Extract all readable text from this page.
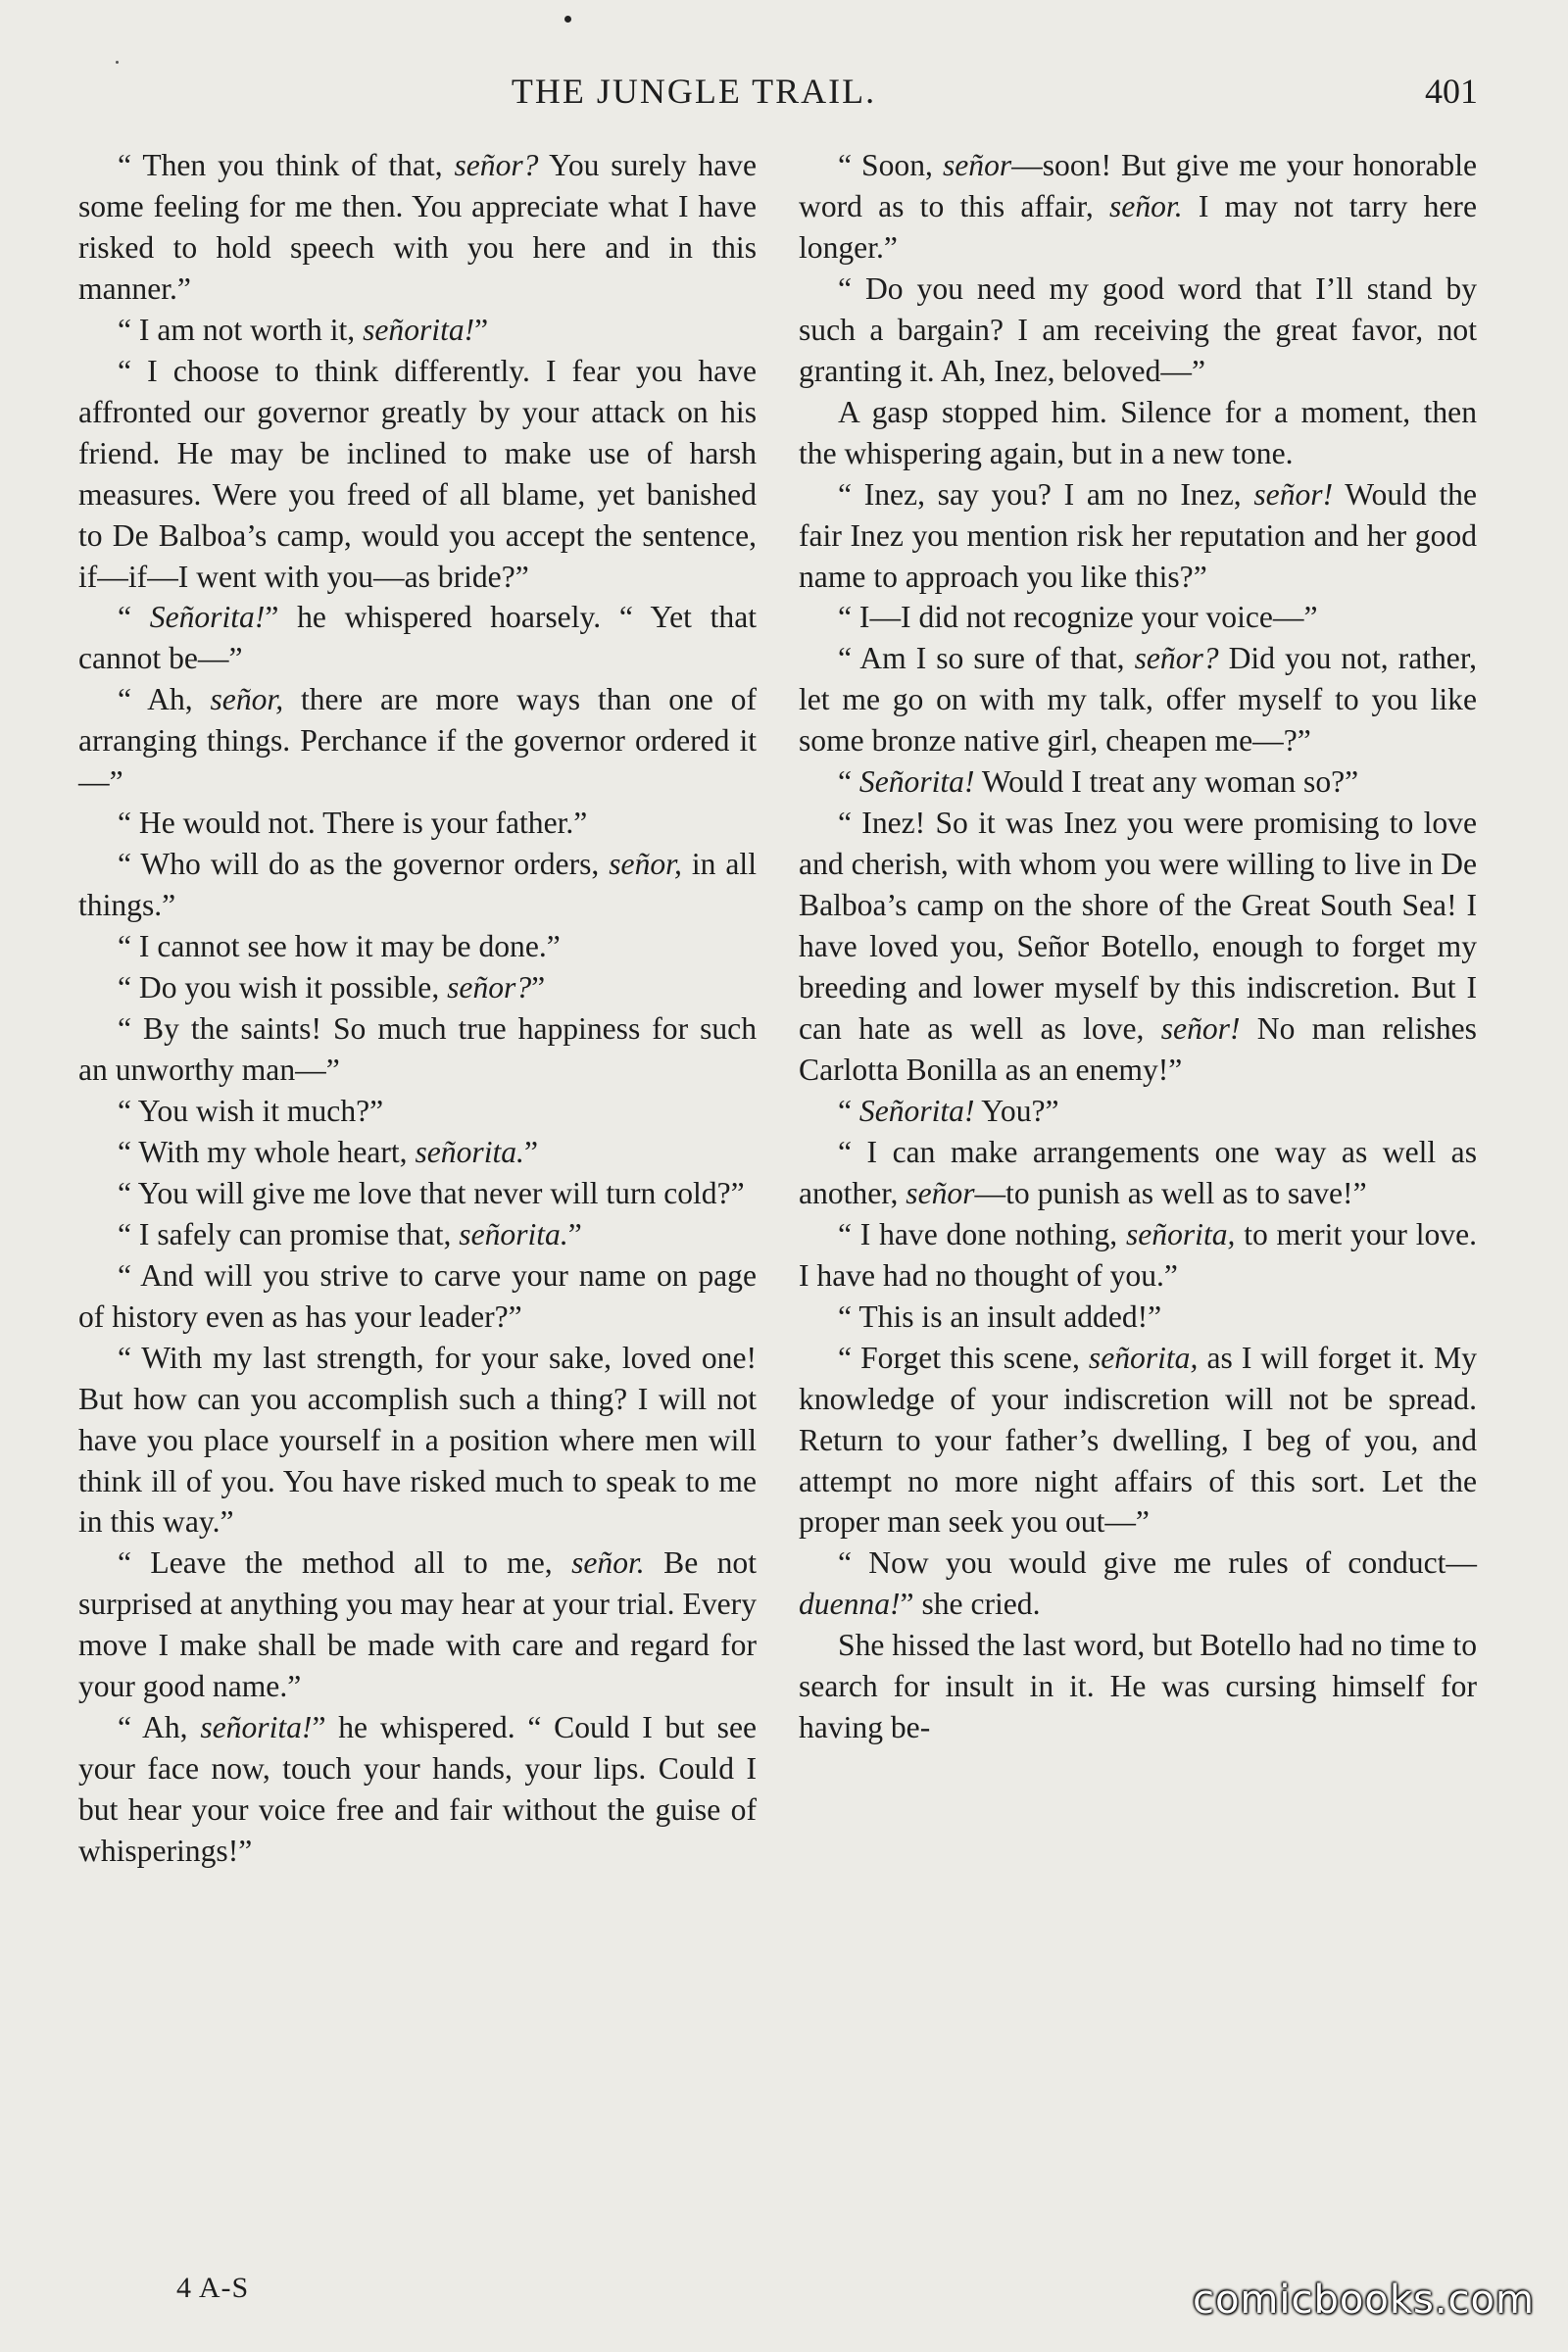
THE JUNGLE TRAIL.	401

“ Then you think of that, señor? You surely have some feeling for me then. You appreciate what I have risked to hold speech with you here and in this manner.”

“ I am not worth it, señorita!”

“ I choose to think differently. I fear you have affronted our governor greatly by your attack on his friend. He may be inclined to make use of harsh measures. Were you freed of all blame, yet banished to De Balboa’s camp, would you accept the sentence, if—if—I went with you—as bride?”

“ Señorita!” he whispered hoarsely. “ Yet that cannot be—”

“ Ah, señor, there are more ways than one of arranging things. Perchance if the governor ordered it—”

“ He would not. There is your father.”

“ Who will do as the governor orders, señor, in all things.”

“ I cannot see how it may be done.”

“ Do you wish it possible, señor?”

“ By the saints! So much true happiness for such an unworthy man—”

“ You wish it much?”

“ With my whole heart, señorita.”

“ You will give me love that never will turn cold?”

“ I safely can promise that, señorita.”

“ And will you strive to carve your name on page of history even as has your leader?”

“ With my last strength, for your sake, loved one! But how can you accomplish such a thing? I will not have you place yourself in a position where men will think ill of you. You have risked much to speak to me in this way.”

“ Leave the method all to me, señor. Be not surprised at anything you may hear at your trial. Every move I make shall be made with care and regard for your good name.”

“ Ah, señorita!” he whispered. “ Could I but see your face now, touch your hands, your lips. Could I but hear your voice free and fair without the guise of whisperings!”

“ Soon, señor—soon! But give me your honorable word as to this affair, señor. I may not tarry here longer.”

“ Do you need my good word that I’ll stand by such a bargain? I am receiving the great favor, not granting it. Ah, Inez, beloved—”

A gasp stopped him. Silence for a moment, then the whispering again, but in a new tone.

“ Inez, say you? I am no Inez, señor! Would the fair Inez you mention risk her reputation and her good name to approach you like this?”

“ I—I did not recognize your voice—”

“ Am I so sure of that, señor? Did you not, rather, let me go on with my talk, offer myself to you like some bronze native girl, cheapen me—?”

“ Señorita! Would I treat any woman so?”

“ Inez! So it was Inez you were promising to love and cherish, with whom you were willing to live in De Balboa’s camp on the shore of the Great South Sea! I have loved you, Señor Botello, enough to forget my breeding and lower myself by this indiscretion. But I can hate as well as love, señor! No man relishes Carlotta Bonilla as an enemy!”

“ Señorita! You?”

“ I can make arrangements one way as well as another, señor—to punish as well as to save!”

“ I have done nothing, señorita, to merit your love. I have had no thought of you.”

“ This is an insult added!”

“ Forget this scene, señorita, as I will forget it. My knowledge of your indiscretion will not be spread. Return to your father’s dwelling, I beg of you, and attempt no more night affairs of this sort. Let the proper man seek you out—”

“ Now you would give me rules of conduct—duenna!” she cried.

She hissed the last word, but Botello had no time to search for insult in it. He was cursing himself for having be-

4 A-S	comicbooks.com
